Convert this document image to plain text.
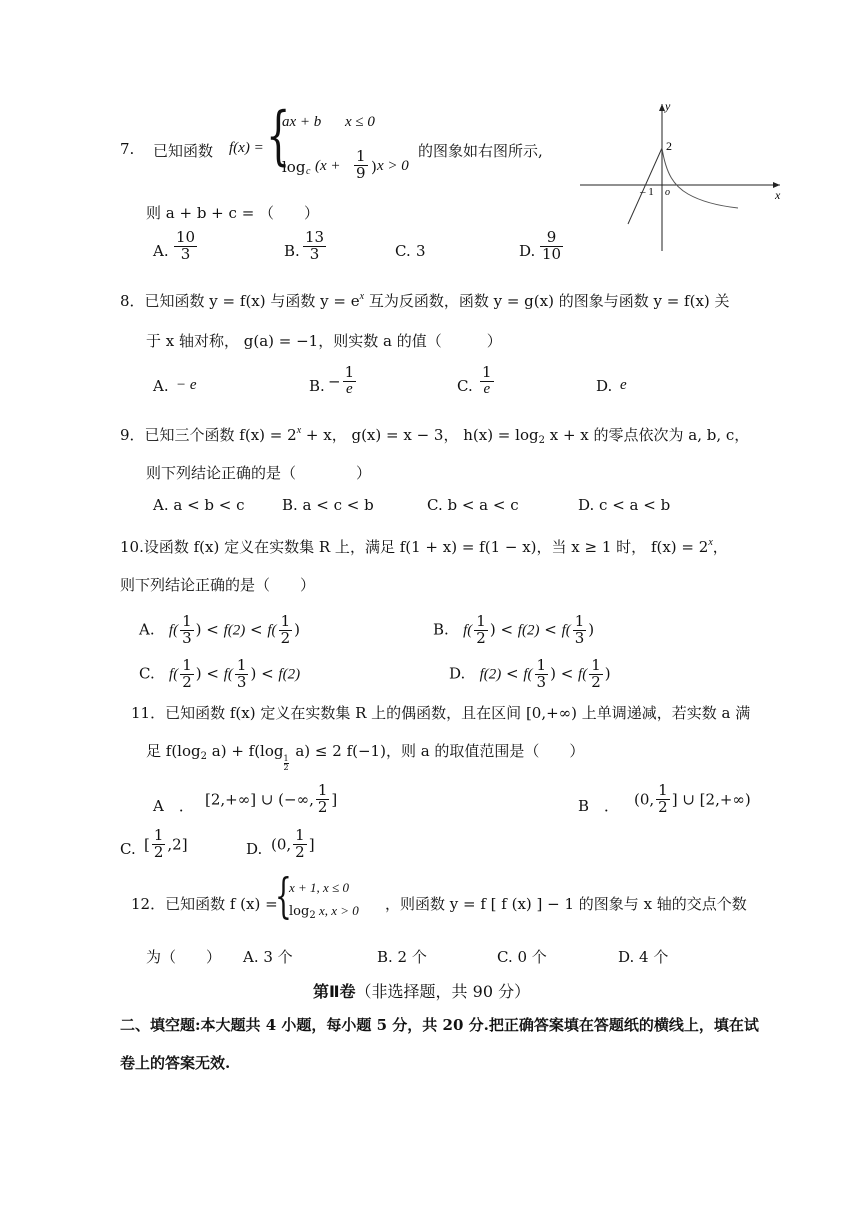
7. 已知函数 f(x) = {
ax + b x ≤ 0
log c ($x + \frac{1}{9}$ ) x > 0
的图象如右图所示,
则 a + b + c = （　　）
A. $\frac{10}{3}$	B. $\frac{13}{3}$	C. 3	D. $\frac{9}{10}$
y
x
2
– 1 o
8．已知函数 y = f(x) 与函数 $y = e^x$ 互为反函数，函数 y = g(x) 的图象与函数 y = f(x) 关
于 x 轴对称， g(a) = −1，则实数 a 的值（　　　）
A. − e	B. − $\frac{1}{e}$	C. $\frac{1}{e}$	D. e
9．已知三个函数 $f(x) = 2^x + x$， g(x) = x − 3， $h(x) = \log_2 x + x$ 的零点依次为 a, b, c，
则下列结论正确的是（　　　　）
A. a < b < c B. a < c < b	C. b < a < c	D. c < a < b
10.设函数 f(x) 定义在实数集 R 上，满足 f(1 + x) = f(1 − x)，当 x ≥ 1 时， $f(x) = 2^x$，
则下列结论正确的是（　　）
A. $f( \frac{1}{3}$ ) < $f(2) < f( \frac{1}{2}$ )	B. $f( \frac{1}{2}$ ) < $f(2) < f( \frac{1}{3}$ )
C. $f( \frac{1}{2}$ ) < $f( \frac{1}{3}$ ) < f(2)	D. $f(2) < f( \frac{1}{3}$ ) < $f( \frac{1}{2}$ )
11．已知函数 f(x) 定义在实数集 R 上的偶函数，且在区间 [0,+∞) 上单调递减，若实数 a 满
足 $f(\log_2$ a) + f(log
$\frac{1}{2}$
a) ≤ 2 f(−1)，则 a 的取值范围是（　　）
A　． [2,+∞] ∪ (−∞, $\frac{1}{2}$ ]	B　． (0, $\frac{1}{2}$ ] ∪ [2,+∞)
C. [ $\frac{1}{2} ,2$]	D. (0, $\frac{1}{2}$ ]
12．已知函数 f (x) =
{
x + 1, x ≤ 0
$\log_2 x$, x > 0 ，则函数 y = f [ f (x) ] − 1 的图象与 x 轴的交点个数
为（　　） A. 3 个	B. 2 个	C. 0 个	D. 4 个
第Ⅱ卷（非选择题，共 90 分）
二、填空题:本大题共 4 小题，每小题 5 分，共 20 分.把正确答案填在答题纸的横线上，填在试
卷上的答案无效.
